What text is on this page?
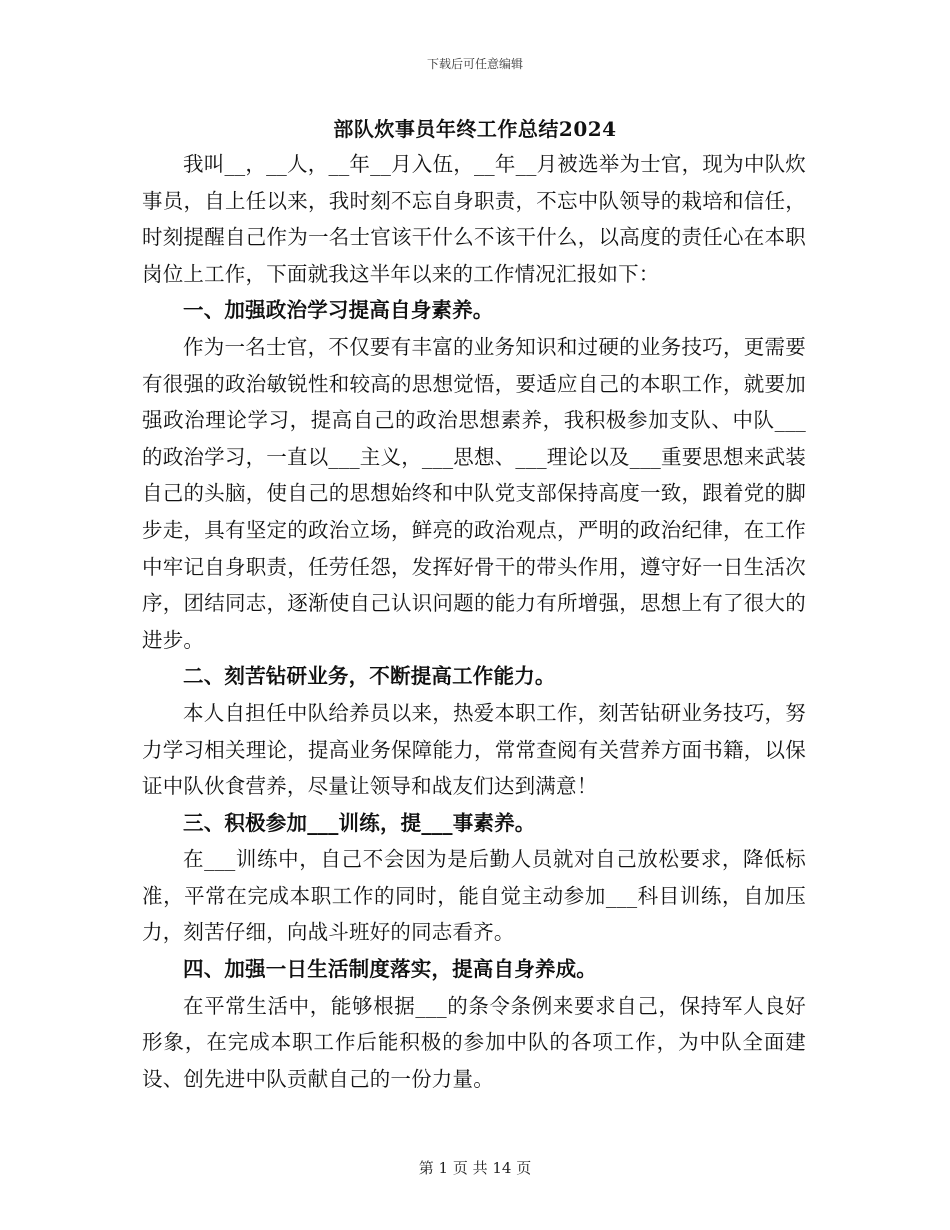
下载后可任意编辑
部队炊事员年终工作总结2024

我叫__，__人，__年__月入伍，__年__月被选举为士官，现为中队炊事员，自上任以来，我时刻不忘自身职责，不忘中队领导的栽培和信任，时刻提醒自己作为一名士官该干什么不该干什么，以高度的责任心在本职岗位上工作，下面就我这半年以来的工作情况汇报如下：

一、加强政治学习提高自身素养。

作为一名士官，不仅要有丰富的业务知识和过硬的业务技巧，更需要有很强的政治敏锐性和较高的思想觉悟，要适应自己的本职工作，就要加强政治理论学习，提高自己的政治思想素养，我积极参加支队、中队___的政治学习，一直以___主义，___思想、___理论以及___重要思想来武装自己的头脑，使自己的思想始终和中队党支部保持高度一致，跟着党的脚步走，具有坚定的政治立场，鲜亮的政治观点，严明的政治纪律，在工作中牢记自身职责，任劳任怨，发挥好骨干的带头作用，遵守好一日生活次序，团结同志，逐渐使自己认识问题的能力有所增强，思想上有了很大的进步。

二、刻苦钻研业务，不断提高工作能力。

本人自担任中队给养员以来，热爱本职工作，刻苦钻研业务技巧，努力学习相关理论，提高业务保障能力，常常查阅有关营养方面书籍，以保证中队伙食营养，尽量让领导和战友们达到满意！

三、积极参加___训练，提___事素养。

在___训练中，自己不会因为是后勤人员就对自己放松要求，降低标准，平常在完成本职工作的同时，能自觉主动参加___科目训练，自加压力，刻苦仔细，向战斗班好的同志看齐。

四、加强一日生活制度落实，提高自身养成。

在平常生活中，能够根据___的条令条例来要求自己，保持军人良好形象，在完成本职工作后能积极的参加中队的各项工作，为中队全面建设、创先进中队贡献自己的一份力量。

第 1 页 共 14 页
